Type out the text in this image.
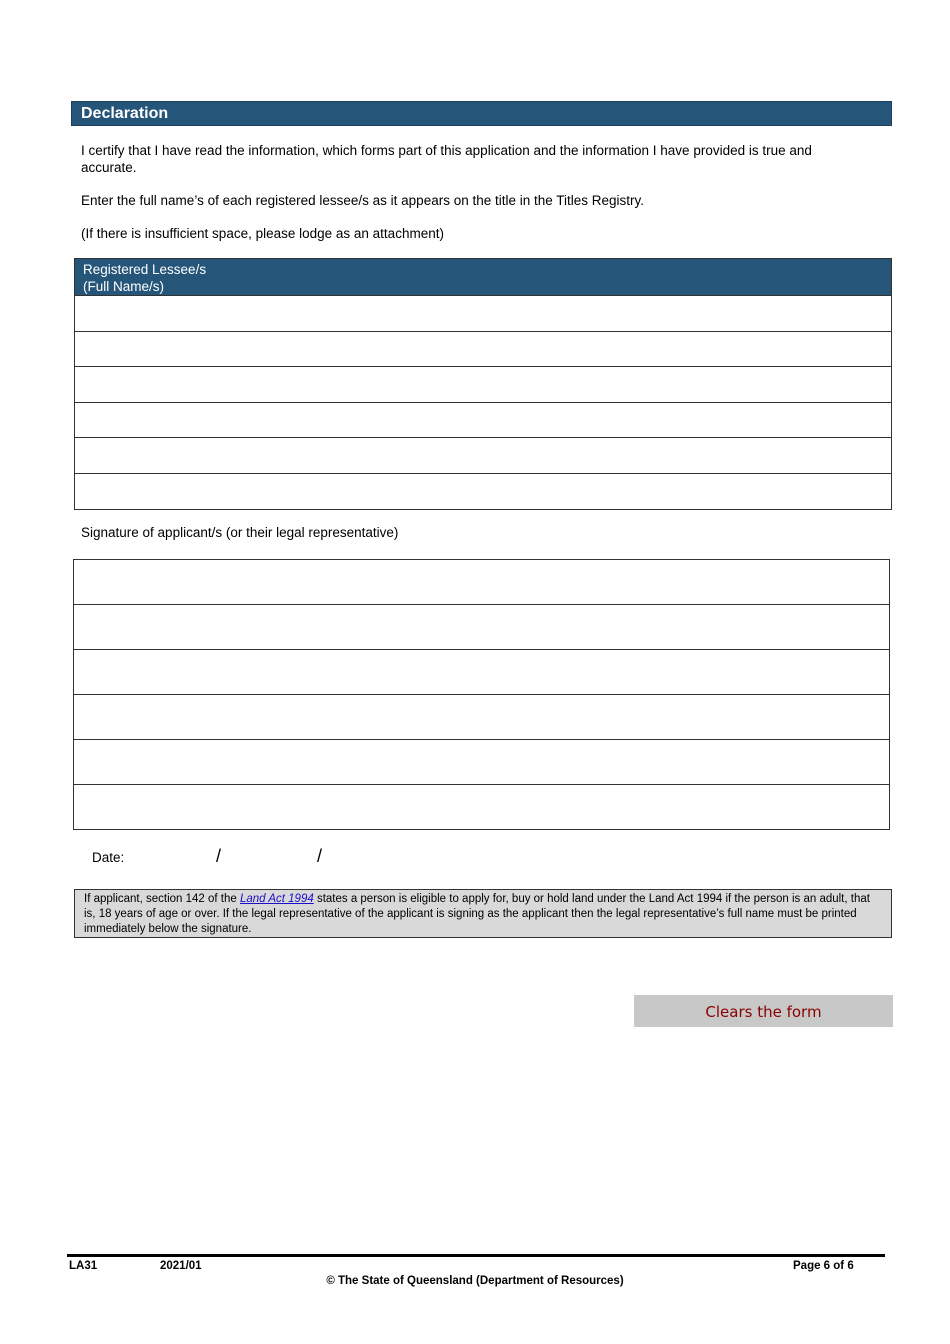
Declaration
I certify that I have read the information, which forms part of this application and the information I have provided is true and accurate.
Enter the full name’s of each registered lessee/s as it appears on the title in the Titles Registry.
(If there is insufficient space, please lodge as an attachment)
Registered Lessee/s
(Full Name/s)
Signature of applicant/s (or their legal representative)
Date:	/	/
If applicant, section 142 of the Land Act 1994 states a person is eligible to apply for, buy or hold land under the Land Act 1994 if the person is an adult, that is, 18 years of age or over. If the legal representative of the applicant is signing as the applicant then the legal representative’s full name must be printed immediately below the signature.
Clears the form
LA31	2021/01	Page 6 of 6
© The State of Queensland (Department of Resources)
